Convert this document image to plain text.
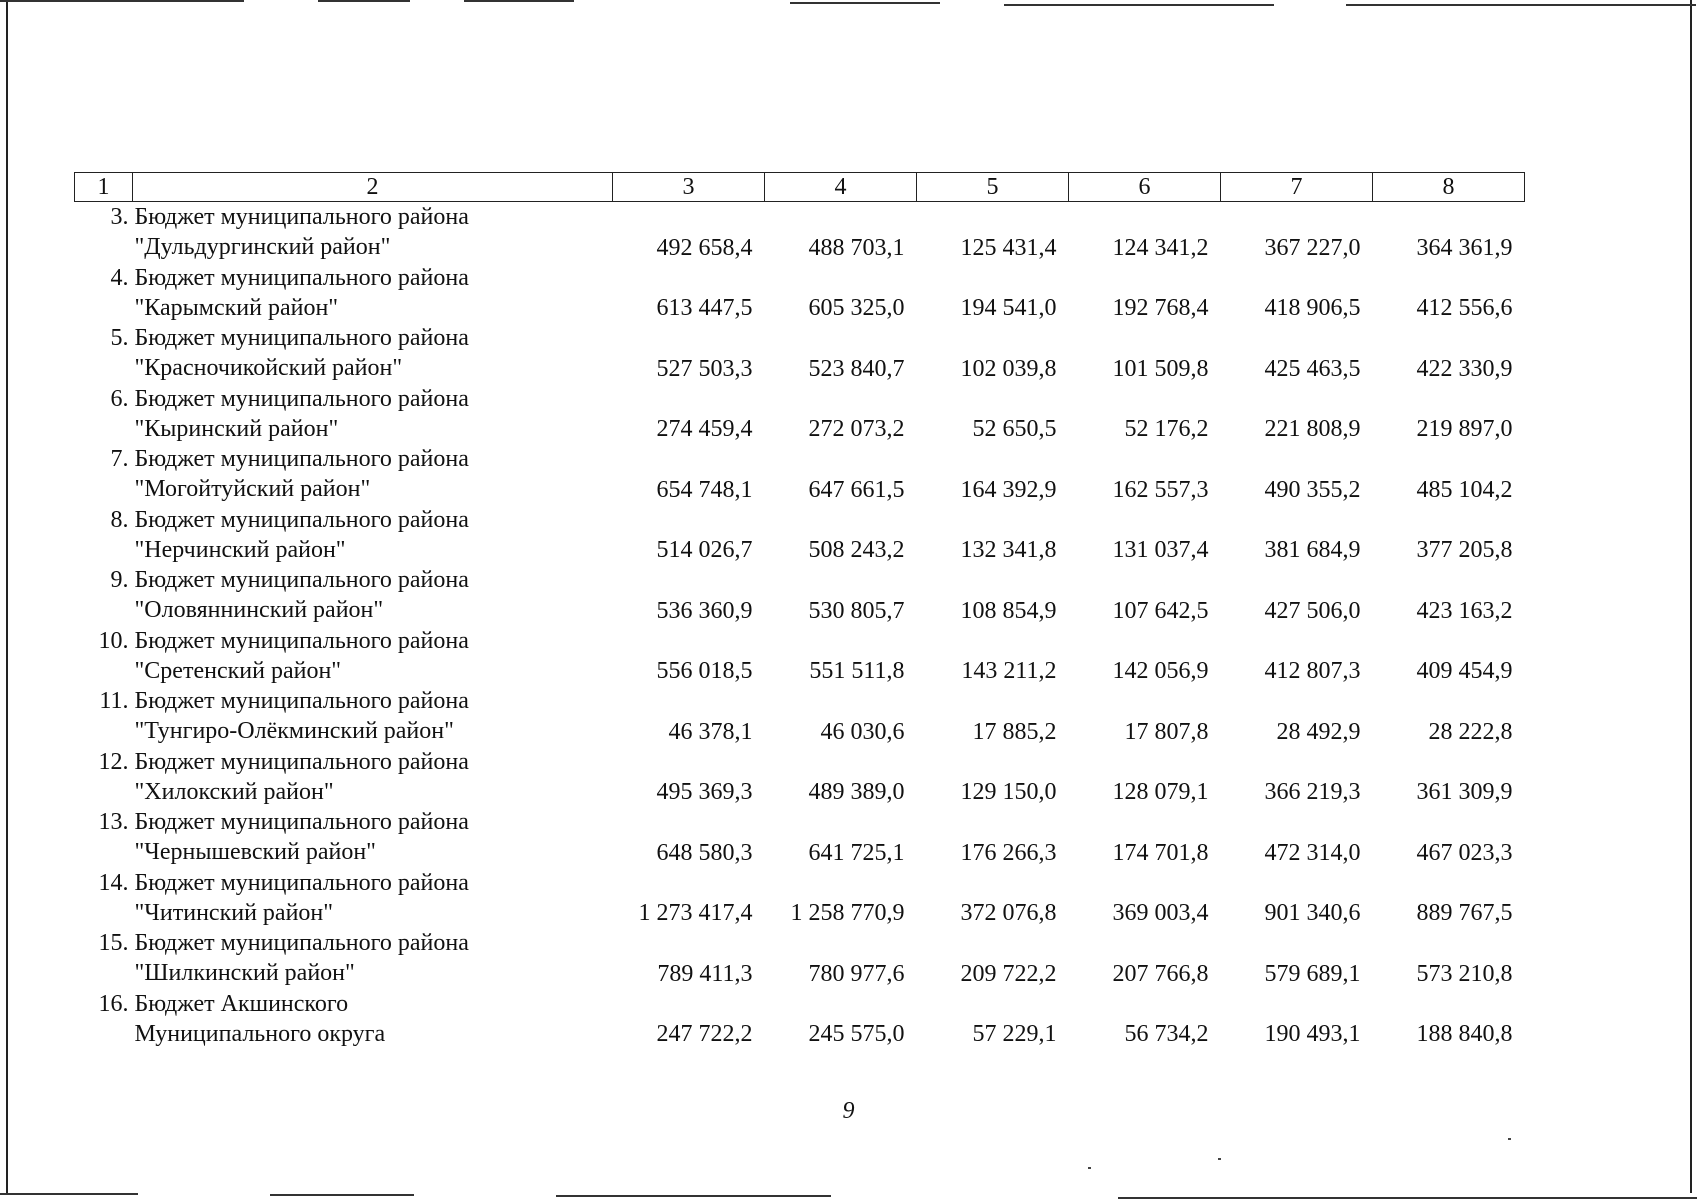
1	2	3	4	5	6	7	8
3.	Бюджет муниципального района
"Дульдургинский район"	492 658,4	488 703,1	125 431,4	124 341,2	367 227,0	364 361,9
4.	Бюджет муниципального района
"Карымский район"	613 447,5	605 325,0	194 541,0	192 768,4	418 906,5	412 556,6
5.	Бюджет муниципального района
"Красночикойский район"	527 503,3	523 840,7	102 039,8	101 509,8	425 463,5	422 330,9
6.	Бюджет муниципального района
"Кыринский район"	274 459,4	272 073,2	52 650,5	52 176,2	221 808,9	219 897,0
7.	Бюджет муниципального района
"Могойтуйский район"	654 748,1	647 661,5	164 392,9	162 557,3	490 355,2	485 104,2
8.	Бюджет муниципального района
"Нерчинский район"	514 026,7	508 243,2	132 341,8	131 037,4	381 684,9	377 205,8
9.	Бюджет муниципального района
"Оловяннинский район"	536 360,9	530 805,7	108 854,9	107 642,5	427 506,0	423 163,2
10.	Бюджет муниципального района
"Сретенский район"	556 018,5	551 511,8	143 211,2	142 056,9	412 807,3	409 454,9
11.	Бюджет муниципального района
"Тунгиро-Олёкминский район"	46 378,1	46 030,6	17 885,2	17 807,8	28 492,9	28 222,8
12.	Бюджет муниципального района
"Хилокский район"	495 369,3	489 389,0	129 150,0	128 079,1	366 219,3	361 309,9
13.	Бюджет муниципального района
"Чернышевский район"	648 580,3	641 725,1	176 266,3	174 701,8	472 314,0	467 023,3
14.	Бюджет муниципального района
"Читинский район"	1 273 417,4	1 258 770,9	372 076,8	369 003,4	901 340,6	889 767,5
15.	Бюджет муниципального района
"Шилкинский район"	789 411,3	780 977,6	209 722,2	207 766,8	579 689,1	573 210,8
16.	Бюджет Акшинского
Муниципального округа	247 722,2	245 575,0	57 229,1	56 734,2	190 493,1	188 840,8
9
